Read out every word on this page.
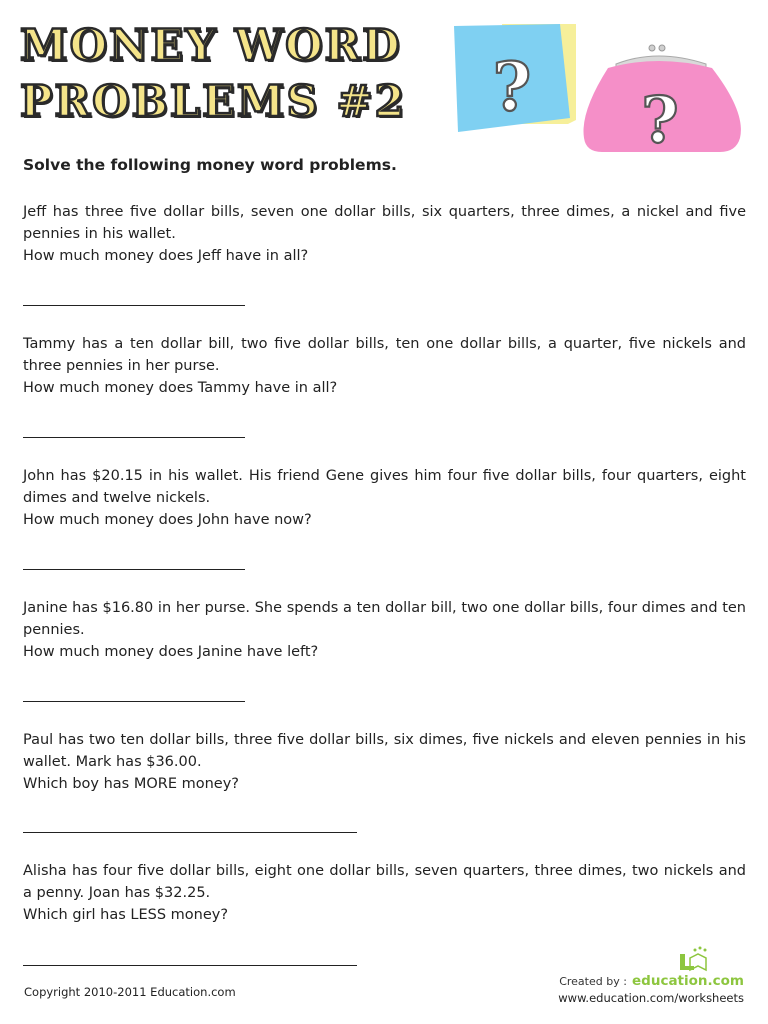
MONEY WORD
PROBLEMS #2	? ?
Solve the following money word problems.
Jeff has three five dollar bills, seven one dollar bills, six quarters, three dimes, a nickel and five pennies in his wallet.
How much money does Jeff have in all?
Tammy has a ten dollar bill, two five dollar bills, ten one dollar bills, a quarter, five nickels and three pennies in her purse.
How much money does Tammy have in all?
John has $20.15 in his wallet. His friend Gene gives him four five dollar bills, four quarters, eight dimes and twelve nickels.
How much money does John have now?
Janine has $16.80 in her purse. She spends a ten dollar bill, two one dollar bills, four dimes and ten pennies.
How much money does Janine have left?
Paul has two ten dollar bills, three five dollar bills, six dimes, five nickels and eleven pennies in his wallet. Mark has $36.00.
Which boy has MORE money?
Alisha has four five dollar bills, eight one dollar bills, seven quarters, three dimes, two nickels and a penny. Joan has $32.25.
Which girl has LESS money?
Copyright 2010-2011 Education.com
Created by : education.com
www.education.com/worksheets
